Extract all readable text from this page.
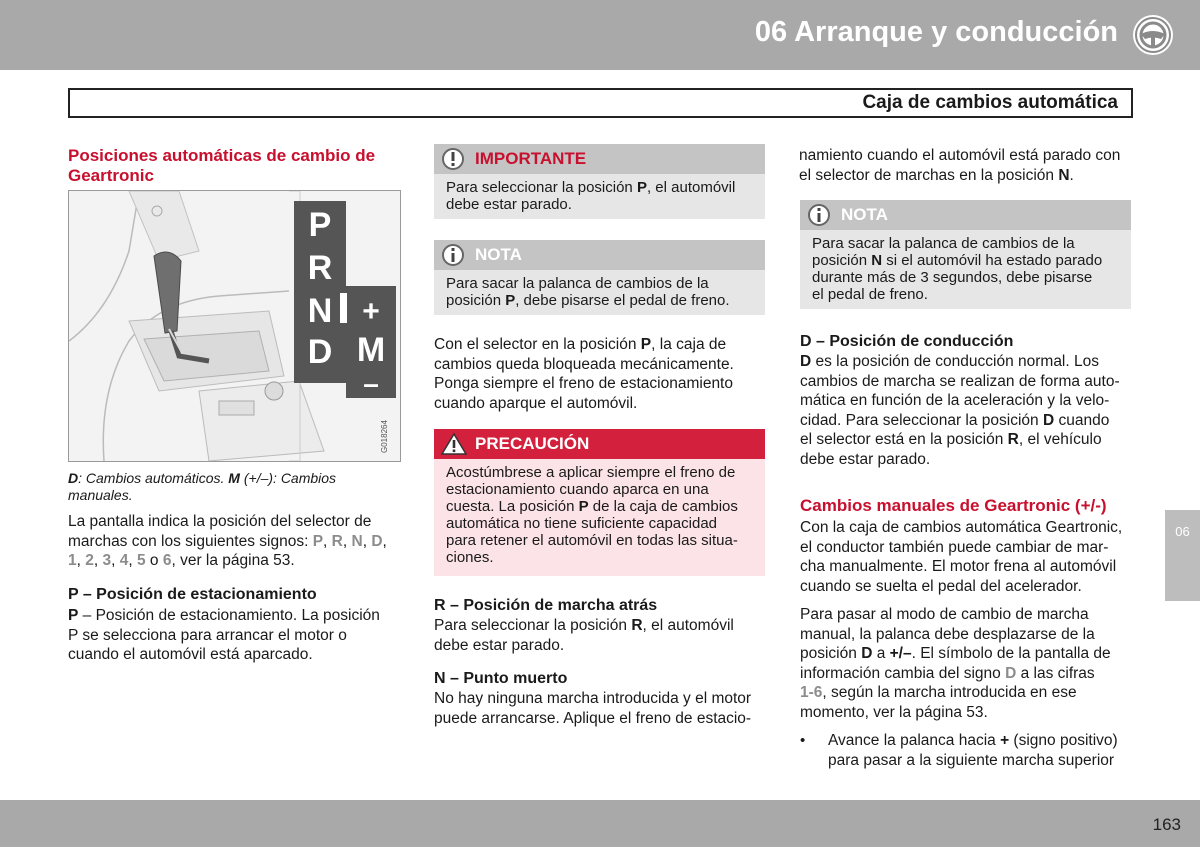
06 Arranque y conducción
Caja de cambios automática
Posiciones automáticas de cambio de
Geartronic
P
R
N
D
+
M
–
G018264
D: Cambios automáticos. M (+/–): Cambios
manuales.
La pantalla indica la posición del selector de
marchas con los siguientes signos: P, R, N, D,
1, 2, 3, 4, 5 o 6, ver la página 53.
P – Posición de estacionamiento
P – Posición de estacionamiento. La posición
P se selecciona para arrancar el motor o
cuando el automóvil está aparcado.
IMPORTANTE
Para seleccionar la posición P, el automóvil
debe estar parado.
NOTA
Para sacar la palanca de cambios de la
posición P, debe pisarse el pedal de freno.
Con el selector en la posición P, la caja de
cambios queda bloqueada mecánicamente.
Ponga siempre el freno de estacionamiento
cuando aparque el automóvil.
PRECAUCIÓN
Acostúmbrese a aplicar siempre el freno de
estacionamiento cuando aparca en una
cuesta. La posición P de la caja de cambios
automática no tiene suficiente capacidad
para retener el automóvil en todas las situa-
ciones.
R – Posición de marcha atrás
Para seleccionar la posición R, el automóvil
debe estar parado.
N – Punto muerto
No hay ninguna marcha introducida y el motor
puede arrancarse. Aplique el freno de estacio-
namiento cuando el automóvil está parado con
el selector de marchas en la posición N.
NOTA
Para sacar la palanca de cambios de la
posición N si el automóvil ha estado parado
durante más de 3 segundos, debe pisarse
el pedal de freno.
D – Posición de conducción
D es la posición de conducción normal. Los
cambios de marcha se realizan de forma auto-
mática en función de la aceleración y la velo-
cidad. Para seleccionar la posición D cuando
el selector está en la posición R, el vehículo
debe estar parado.
Cambios manuales de Geartronic (+/-)
Con la caja de cambios automática Geartronic,
el conductor también puede cambiar de mar-
cha manualmente. El motor frena al automóvil
cuando se suelta el pedal del acelerador.
Para pasar al modo de cambio de marcha
manual, la palanca debe desplazarse de la
posición D a +/–. El símbolo de la pantalla de
información cambia del signo D a las cifras
1-6, según la marcha introducida en ese
momento, ver la página 53.
• Avance la palanca hacia + (signo positivo)
para pasar a la siguiente marcha superior
06
163
